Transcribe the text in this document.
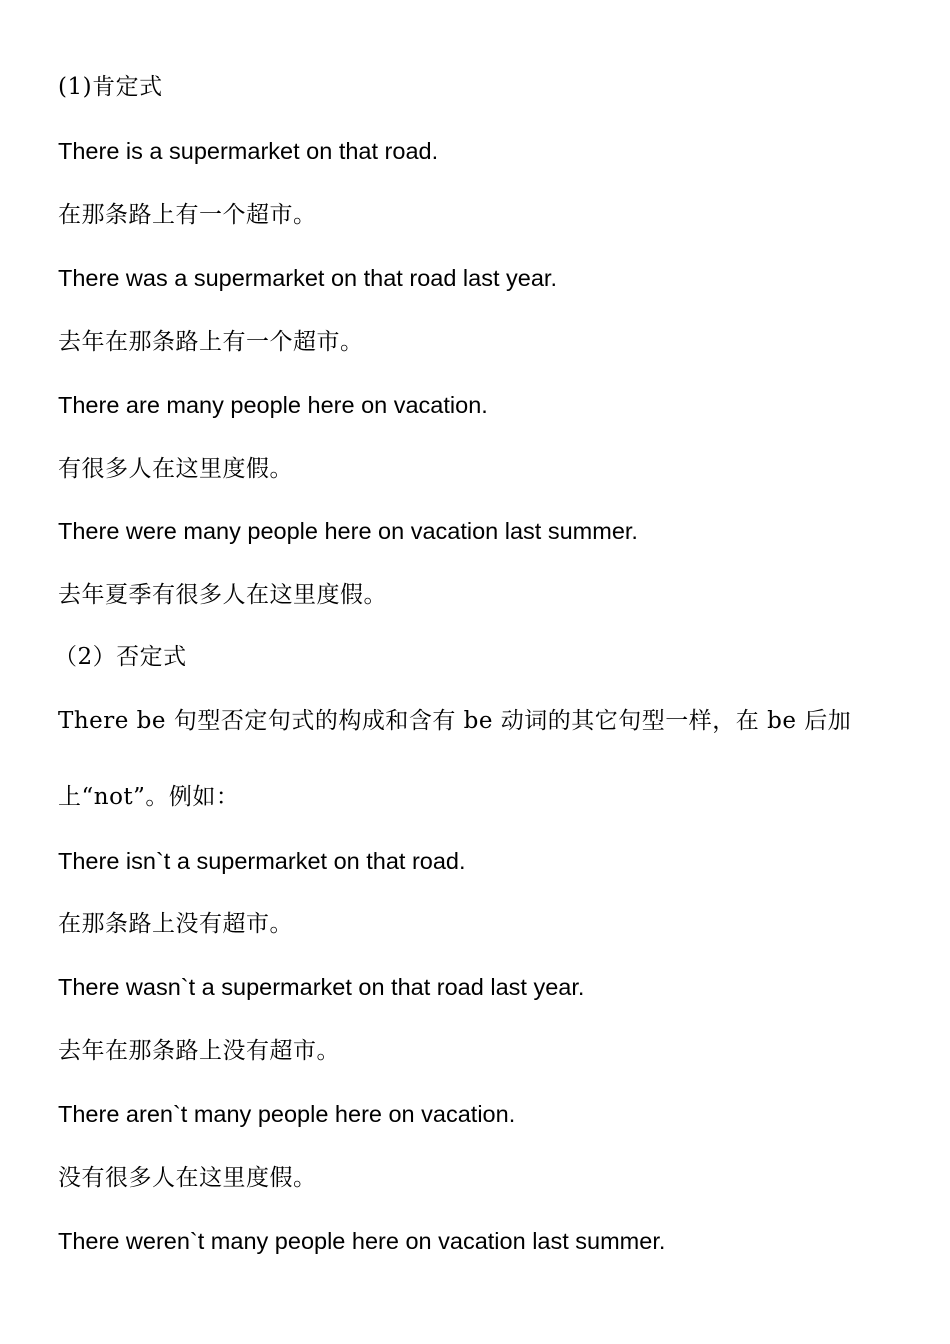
(1)肯定式
There is a supermarket on that road.
在那条路上有一个超市。
There was a supermarket on that road last year.
去年在那条路上有一个超市。
There are many people here on vacation.
有很多人在这里度假。
There were many people here on vacation last summer.
去年夏季有很多人在这里度假。
（2）否定式
There be 句型否定句式的构成和含有 be 动词的其它句型一样，在 be 后加
上“not”。例如：
There isn`t a supermarket on that road.
在那条路上没有超市。
There wasn`t a supermarket on that road last year.
去年在那条路上没有超市。
There aren`t many people here on vacation.
没有很多人在这里度假。
There weren`t many people here on vacation last summer.
